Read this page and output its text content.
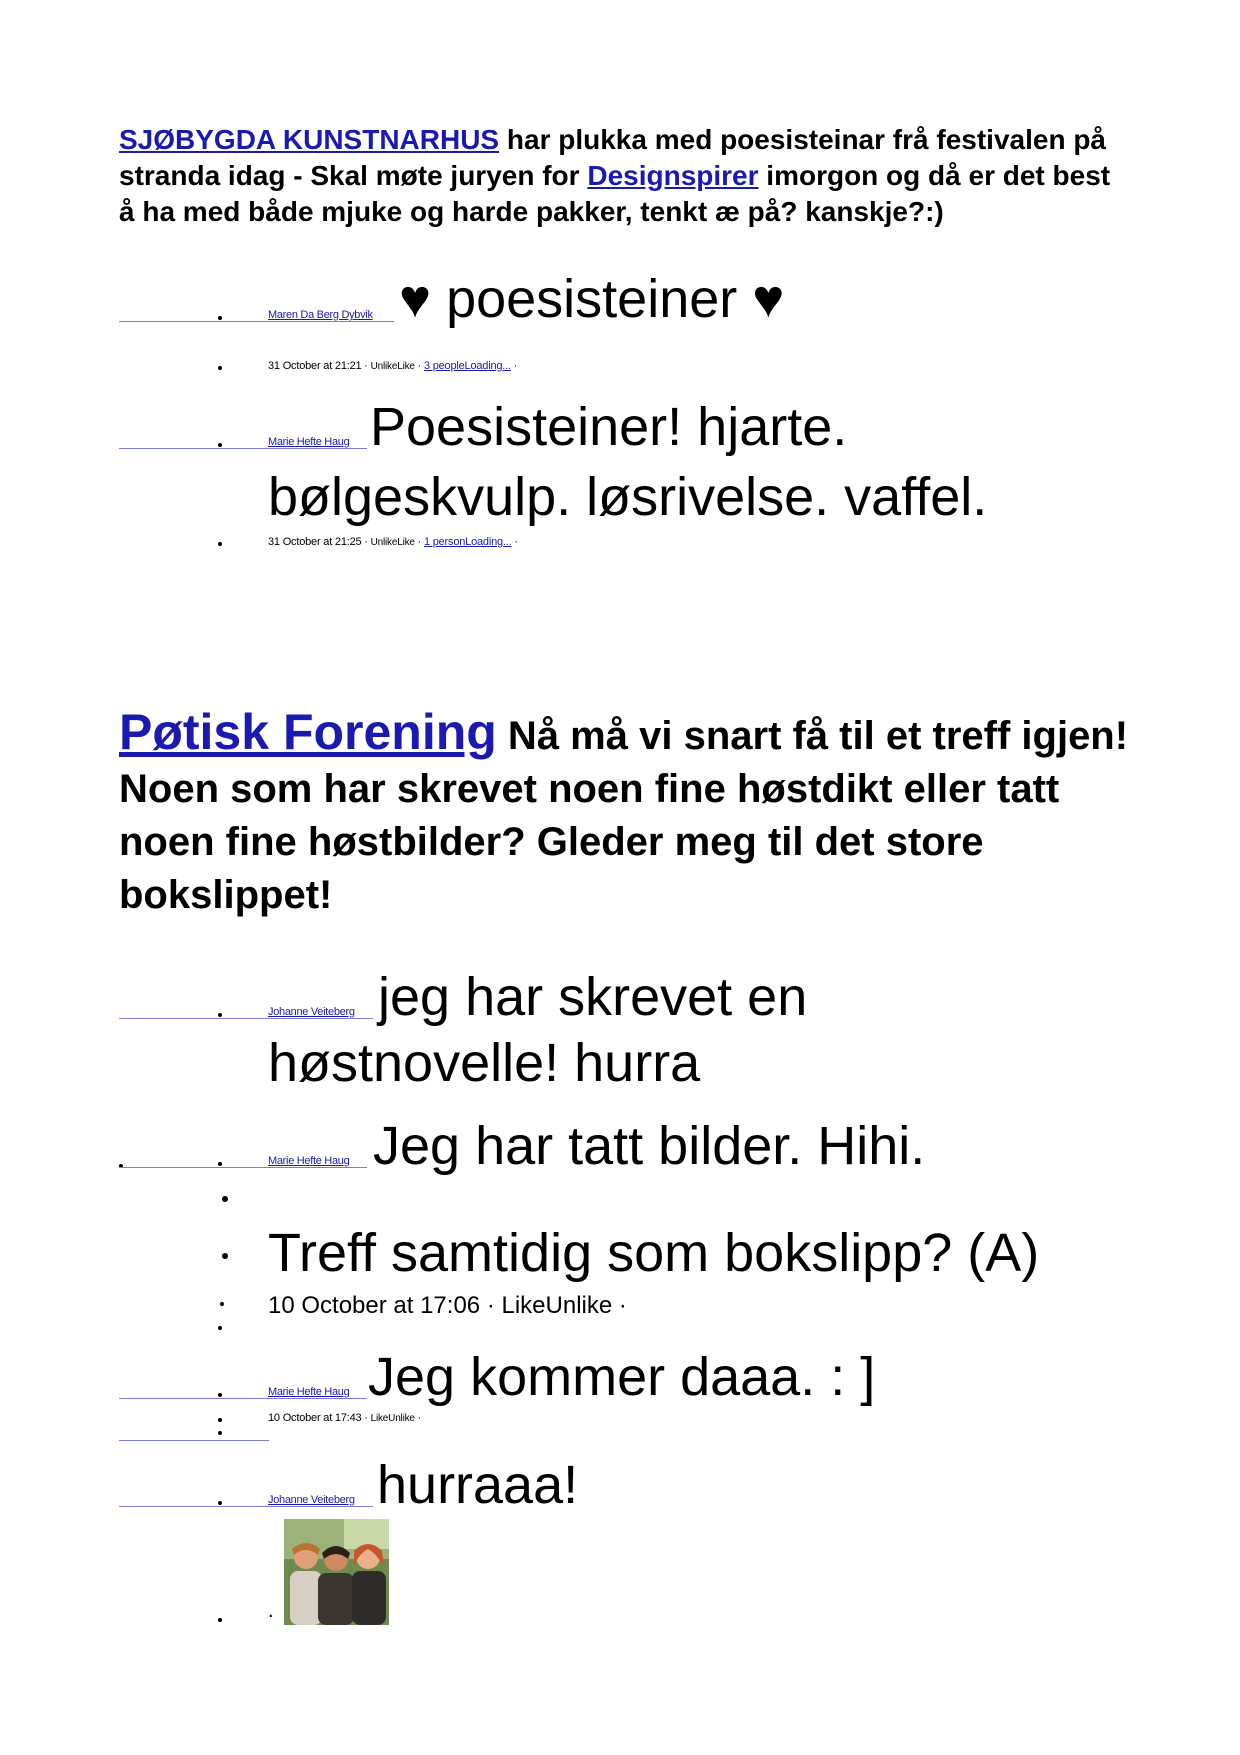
SJØBYGDA KUNSTNARHUS har plukka med poesisteinar frå festivalen på stranda idag - Skal møte juryen for Designspirer imorgon og då er det best å ha med både mjuke og harde pakker, tenkt æ på? kanskje?:)
Maren Da Berg Dybvik ♥ poesisteiner ♥
31 October at 21:21 · UnlikeLike · 3 peopleLoading... ·
Marie Hefte Haug Poesisteiner! hjarte.
bølgeskvulp. løsrivelse. vaffel.
31 October at 21:25 · UnlikeLike · 1 personLoading... ·
Pøtisk Forening Nå må vi snart få til et treff igjen! Noen som har skrevet noen fine høstdikt eller tatt noen fine høstbilder? Gleder meg til det store bokslippet!
Johanne Veiteberg jeg har skrevet en
høstnovelle! hurra
Marie Hefte Haug Jeg har tatt bilder. Hihi.
Treff samtidig som bokslipp? (A)
10 October at 17:06 · LikeUnlike ·
Marie Hefte Haug Jeg kommer daaa. : ]
10 October at 17:43 · LikeUnlike ·
Johanne Veiteberg hurraaa!
.
